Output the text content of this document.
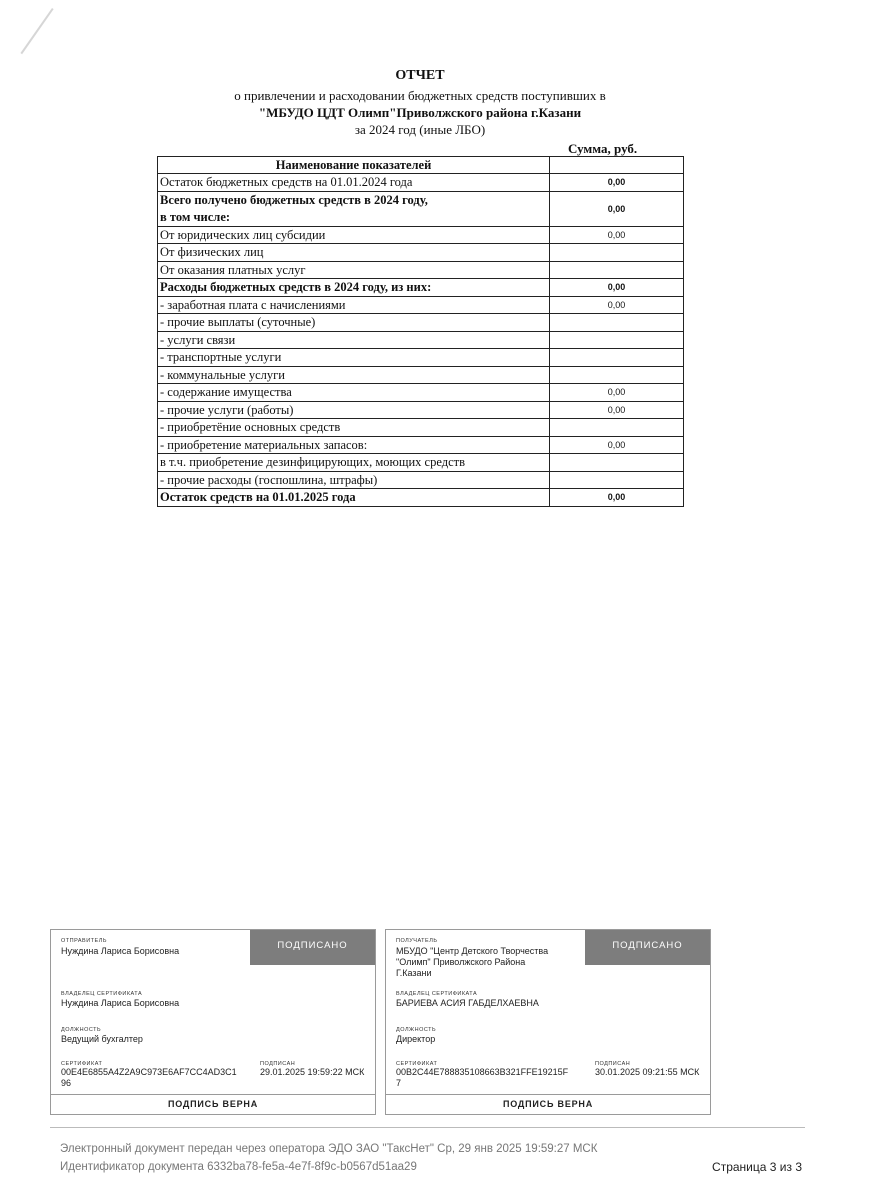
ОТЧЕТ
о привлечении и расходовании бюджетных средств поступивших в
"МБУДО ЦДТ Олимп"Приволжского района г.Казани
за 2024 год (иные ЛБО)
Сумма, руб.
Наименование показателей	
Остаток бюджетных средств на 01.01.2024 года	0,00
Всего получено бюджетных средств в 2024 году,
в том числе:	0,00
От юридических лиц субсидии	0,00
От физических лиц	
От оказания платных услуг	
Расходы бюджетных средств в 2024 году, из них:	0,00
- заработная плата с начислениями	0,00
- прочие выплаты (суточные)	
- услуги связи	
- транспортные услуги	
- коммунальные услуги	
- содержание имущества	0,00
- прочие услуги (работы)	0,00
- приобретёние основных средств	
- приобретение материальных запасов:	0,00
в т.ч. приобретение дезинфицирующих, моющих средств	
- прочие расходы (госпошлина, штрафы)	
Остаток средств на 01.01.2025 года	0,00
ОТПРАВИТЕЛЬ
Нуждина Лариса Борисовна	ПОДПИСАНО
ВЛАДЕЛЕЦ СЕРТИФИКАТА
Нуждина Лариса Борисовна
ДОЛЖНОСТЬ
Ведущий бухгалтер
СЕРТИФИКАТ
00E4E6855A4Z2A9C973E6AF7CC4AD3C1
96
ПОДПИСАН
29.01.2025 19:59:22 МСК
ПОДПИСЬ ВЕРНА
ПОЛУЧАТЕЛЬ
МБУДО "Центр Детского Творчества
"Олимп" Приволжского Района
Г.Казани
ПОДПИСАНО
ВЛАДЕЛЕЦ СЕРТИФИКАТА
БАРИЕВА АСИЯ ГАБДЕЛХАЕВНА
ДОЛЖНОСТЬ
Директор
СЕРТИФИКАТ
00B2C44E788835108663B321FFE19215F
7
ПОДПИСАН
30.01.2025 09:21:55 МСК
ПОДПИСЬ ВЕРНА
Электронный документ передан через оператора ЭДО ЗАО "ТаксНет" Ср, 29 янв 2025 19:59:27 МСК
Идентификатор документа 6332ba78-fe5a-4e7f-8f9c-b0567d51aa29	Страница 3 из 3
